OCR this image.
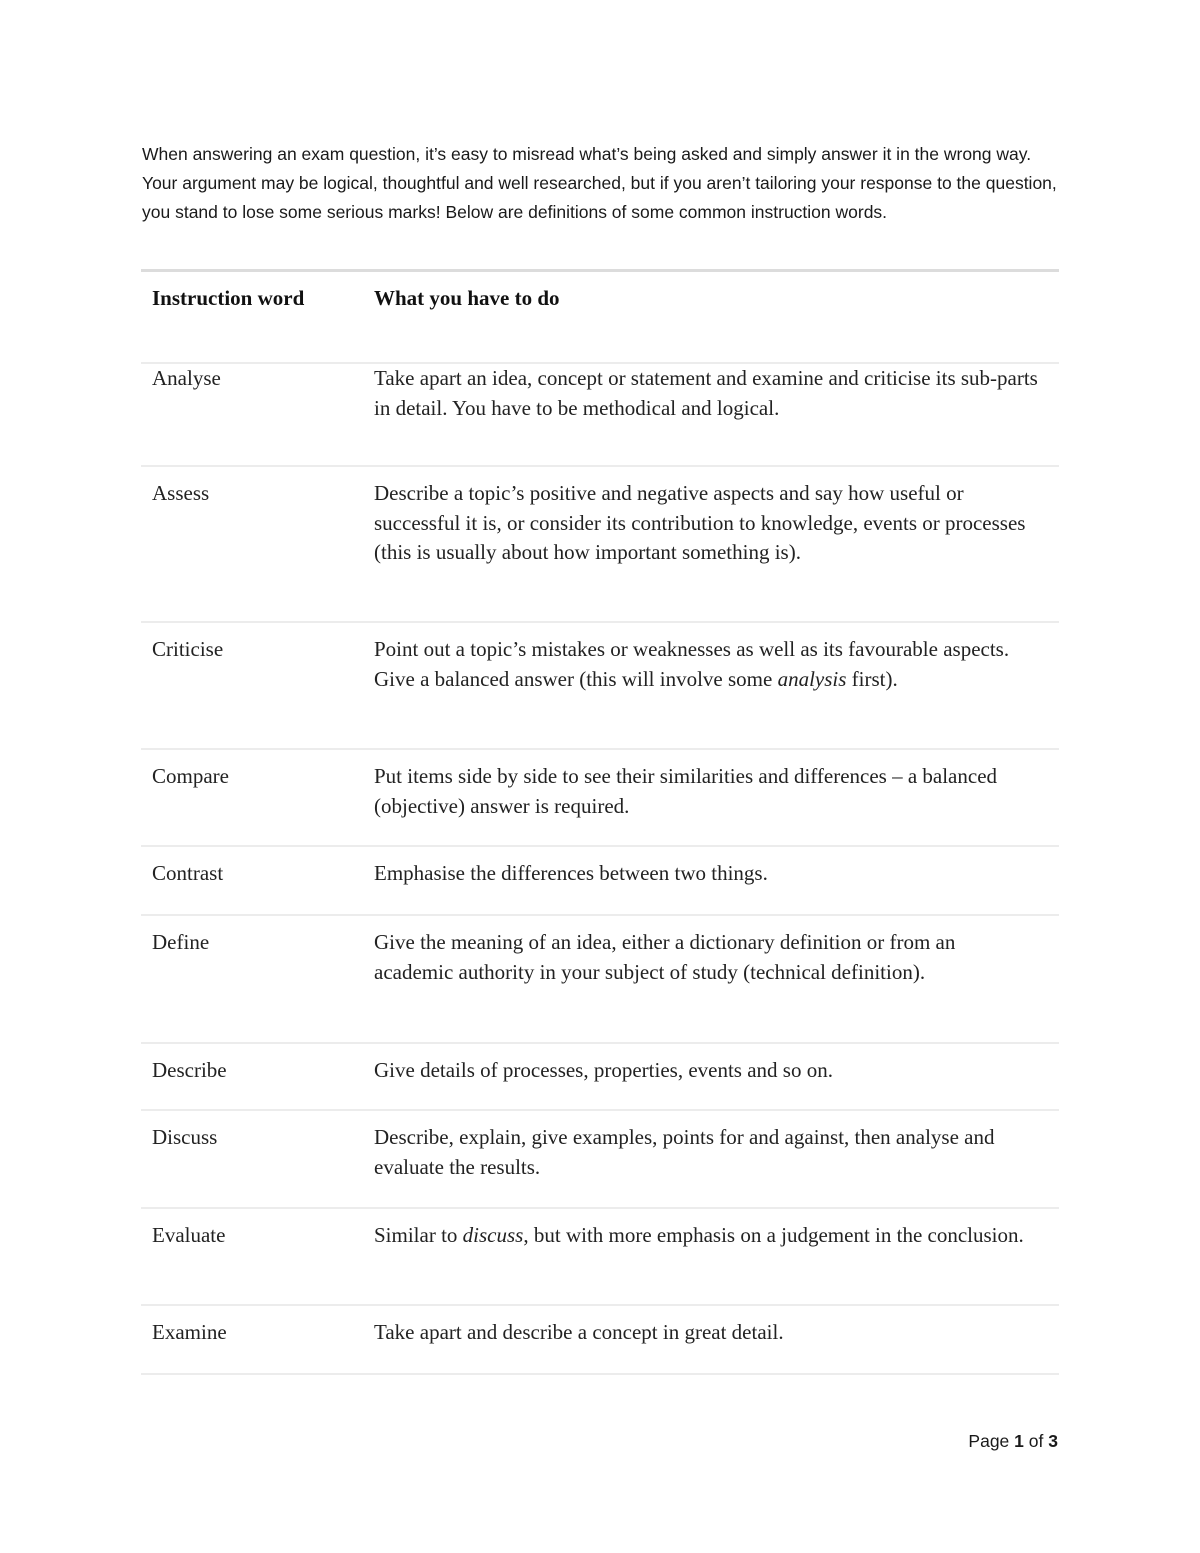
When answering an exam question, it’s easy to misread what’s being asked and simply answer it in the wrong way. Your argument may be logical, thoughtful and well researched, but if you aren’t tailoring your response to the question, you stand to lose some serious marks! Below are definitions of some common instruction words.

Instruction word	What you have to do
Analyse	Take apart an idea, concept or statement and examine and criticise its sub-parts in detail. You have to be methodical and logical.
Assess	Describe a topic’s positive and negative aspects and say how useful or successful it is, or consider its contribution to knowledge, events or processes (this is usually about how important something is).
Criticise	Point out a topic’s mistakes or weaknesses as well as its favourable aspects. Give a balanced answer (this will involve some analysis first).
Compare	Put items side by side to see their similarities and differences – a balanced (objective) answer is required.
Contrast	Emphasise the differences between two things.
Define	Give the meaning of an idea, either a dictionary definition or from an academic authority in your subject of study (technical definition).
Describe	Give details of processes, properties, events and so on.
Discuss	Describe, explain, give examples, points for and against, then analyse and evaluate the results.
Evaluate	Similar to discuss, but with more emphasis on a judgement in the conclusion.
Examine	Take apart and describe a concept in great detail.
Page 1 of 3
